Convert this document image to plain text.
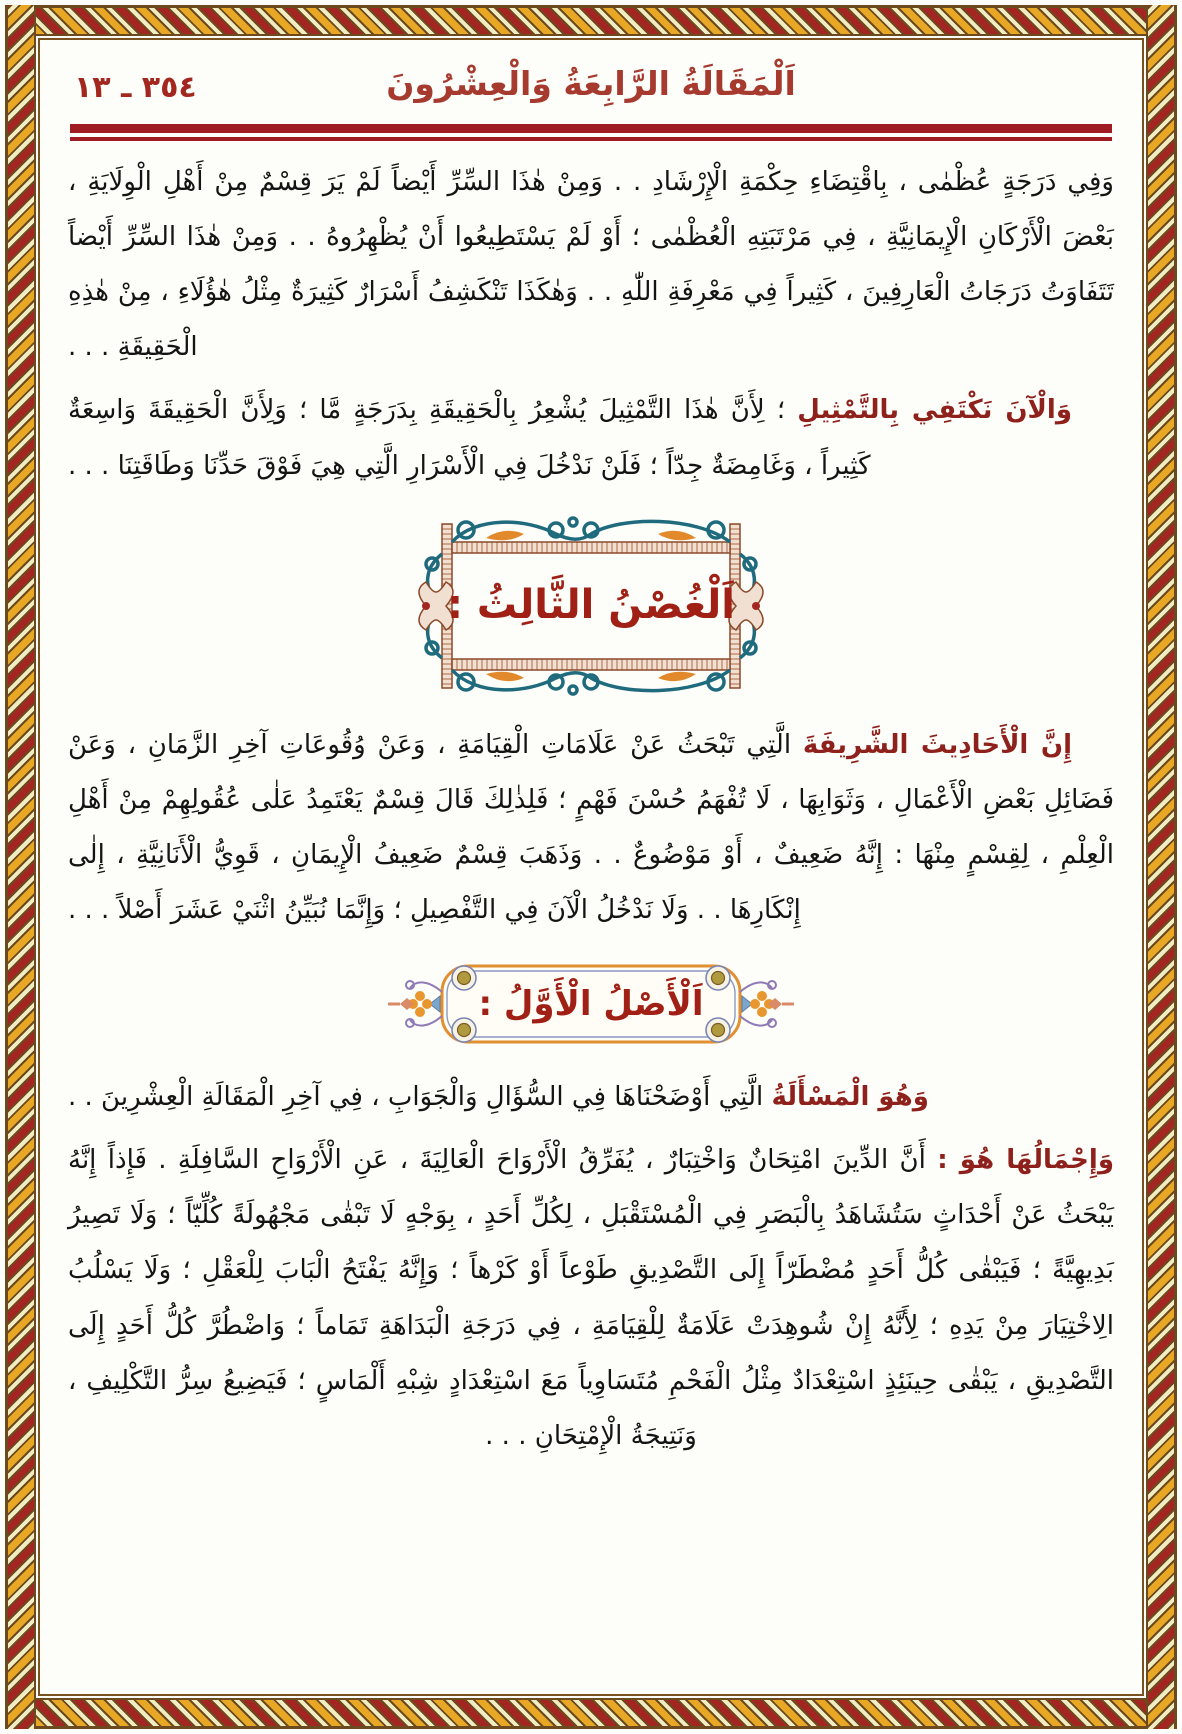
٣٥٤ ـ ١٣	اَلْمَقَالَةُ الرَّابِعَةُ وَالْعِشْرُونَ

وَفِي دَرَجَةٍ عُظْمٰى ، بِاقْتِضَاءِ حِكْمَةِ الْإِرْشَادِ . . وَمِنْ هٰذَا السِّرِّ أَيْضاً لَمْ يَرَ قِسْمٌ مِنْ أَهْلِ الْوِلَايَةِ ، بَعْضَ الْأَرْكَانِ الْإِيمَانِيَّةِ ، فِي مَرْتَبَتِهِ الْعُظْمٰى ؛ أَوْ لَمْ يَسْتَطِيعُوا أَنْ يُظْهِرُوهُ . . وَمِنْ هٰذَا السِّرِّ أَيْضاً تَتَفَاوَتُ دَرَجَاتُ الْعَارِفِينَ ، كَثِيراً فِي مَعْرِفَةِ اللّٰهِ . . وَهٰكَذَا تَنْكَشِفُ أَسْرَارٌ كَثِيرَةٌ مِثْلُ هٰؤُلَاءِ ، مِنْ هٰذِهِ الْحَقِيقَةِ . . .

وَالْآنَ نَكْتَفِي بِالتَّمْثِيلِ ؛ لِأَنَّ هٰذَا التَّمْثِيلَ يُشْعِرُ بِالْحَقِيقَةِ بِدَرَجَةٍ مَّا ؛ وَلِأَنَّ الْحَقِيقَةَ وَاسِعَةٌ كَثِيراً ، وَغَامِضَةٌ جِدّاً ؛ فَلَنْ نَدْخُلَ فِي الْأَسْرَارِ الَّتِي هِيَ فَوْقَ حَدِّنَا وَطَاقَتِنَا . . .

اَلْغُصْنُ الثَّالِثُ :

إِنَّ الْأَحَادِيثَ الشَّرِيفَةَ الَّتِي تَبْحَثُ عَنْ عَلَامَاتِ الْقِيَامَةِ ، وَعَنْ وُقُوعَاتِ آخِرِ الزَّمَانِ ، وَعَنْ فَضَائِلِ بَعْضِ الْأَعْمَالِ ، وَثَوَابِهَا ، لَا تُفْهَمُ حُسْنَ فَهْمٍ ؛ فَلِذٰلِكَ قَالَ قِسْمٌ يَعْتَمِدُ عَلٰى عُقُولِهِمْ مِنْ أَهْلِ الْعِلْمِ ، لِقِسْمٍ مِنْهَا : إِنَّهُ ضَعِيفٌ ، أَوْ مَوْضُوعٌ . . وَذَهَبَ قِسْمٌ ضَعِيفُ الْإِيمَانِ ، قَوِيُّ الْأَنَانِيَّةِ ، إِلٰى إِنْكَارِهَا . . وَلَا نَدْخُلُ الْآنَ فِي التَّفْصِيلِ ؛ وَإِنَّمَا نُبَيِّنُ اثْنَيْ عَشَرَ أَصْلاً . . .

اَلْأَصْلُ الْأَوَّلُ :

وَهُوَ الْمَسْأَلَةُ الَّتِي أَوْضَحْنَاهَا فِي السُّؤَالِ وَالْجَوَابِ ، فِي آخِرِ الْمَقَالَةِ الْعِشْرِينَ . .

وَإِجْمَالُهَا هُوَ : أَنَّ الدِّينَ امْتِحَانٌ وَاخْتِبَارٌ ، يُفَرِّقُ الْأَرْوَاحَ الْعَالِيَةَ ، عَنِ الْأَرْوَاحِ السَّافِلَةِ . فَإِذاً إِنَّهُ يَبْحَثُ عَنْ أَحْدَاثٍ سَتُشَاهَدُ بِالْبَصَرِ فِي الْمُسْتَقْبَلِ ، لِكُلِّ أَحَدٍ ، بِوَجْهٍ لَا تَبْقٰى مَجْهُولَةً كُلِّيّاً ؛ وَلَا تَصِيرُ بَدِيهِيَّةً ؛ فَيَبْقٰى كُلُّ أَحَدٍ مُضْطَرّاً إِلَى التَّصْدِيقِ طَوْعاً أَوْ كَرْهاً ؛ وَإِنَّهُ يَفْتَحُ الْبَابَ لِلْعَقْلِ ؛ وَلَا يَسْلُبُ الِاخْتِيَارَ مِنْ يَدِهِ ؛ لِأَنَّهُ إِنْ شُوهِدَتْ عَلَامَةٌ لِلْقِيَامَةِ ، فِي دَرَجَةِ الْبَدَاهَةِ تَمَاماً ؛ وَاضْطُرَّ كُلُّ أَحَدٍ إِلَى التَّصْدِيقِ ، يَبْقٰى حِينَئِذٍ اسْتِعْدَادٌ مِثْلُ الْفَحْمِ مُتَسَاوِياً مَعَ اسْتِعْدَادٍ شِبْهِ أَلْمَاسٍ ؛ فَيَضِيعُ سِرُّ التَّكْلِيفِ ، وَنَتِيجَةُ الْإِمْتِحَانِ . . .
